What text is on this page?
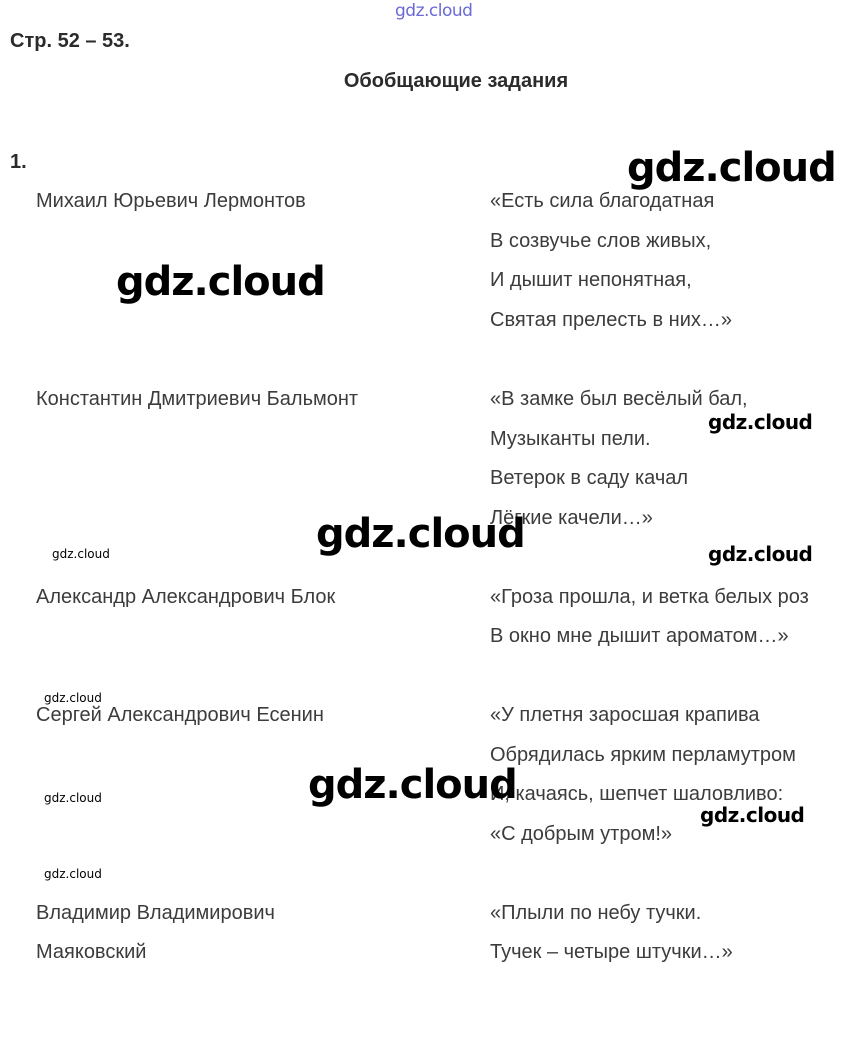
gdz.cloud
Стр. 52 – 53.
Обобщающие задания
1.
Михаил Юрьевич Лермонтов	«Есть сила благодатная
В созвучье слов живых,
И дышит непонятная,
Святая прелесть в них…»
Константин Дмитриевич Бальмонт	«В замке был весёлый бал,
Музыканты пели.
Ветерок в саду качал
Лёгкие качели…»
Александр Александрович Блок	«Гроза прошла, и ветка белых роз
В окно мне дышит ароматом…»
Сергей Александрович Есенин	«У плетня заросшая крапива
Обрядилась ярким перламутром
И, качаясь, шепчет шаловливо:
«С добрым утром!»
Владимир Владимирович
Маяковский
«Плыли по небу тучки.
Тучек – четыре штучки…»
gdz.cloud
gdz.cloud
gdz.cloud
gdz.cloud
gdz.cloud
gdz.cloud
gdz.cloud
gdz.cloud
gdz.cloud
gdz.cloud
gdz.cloud
